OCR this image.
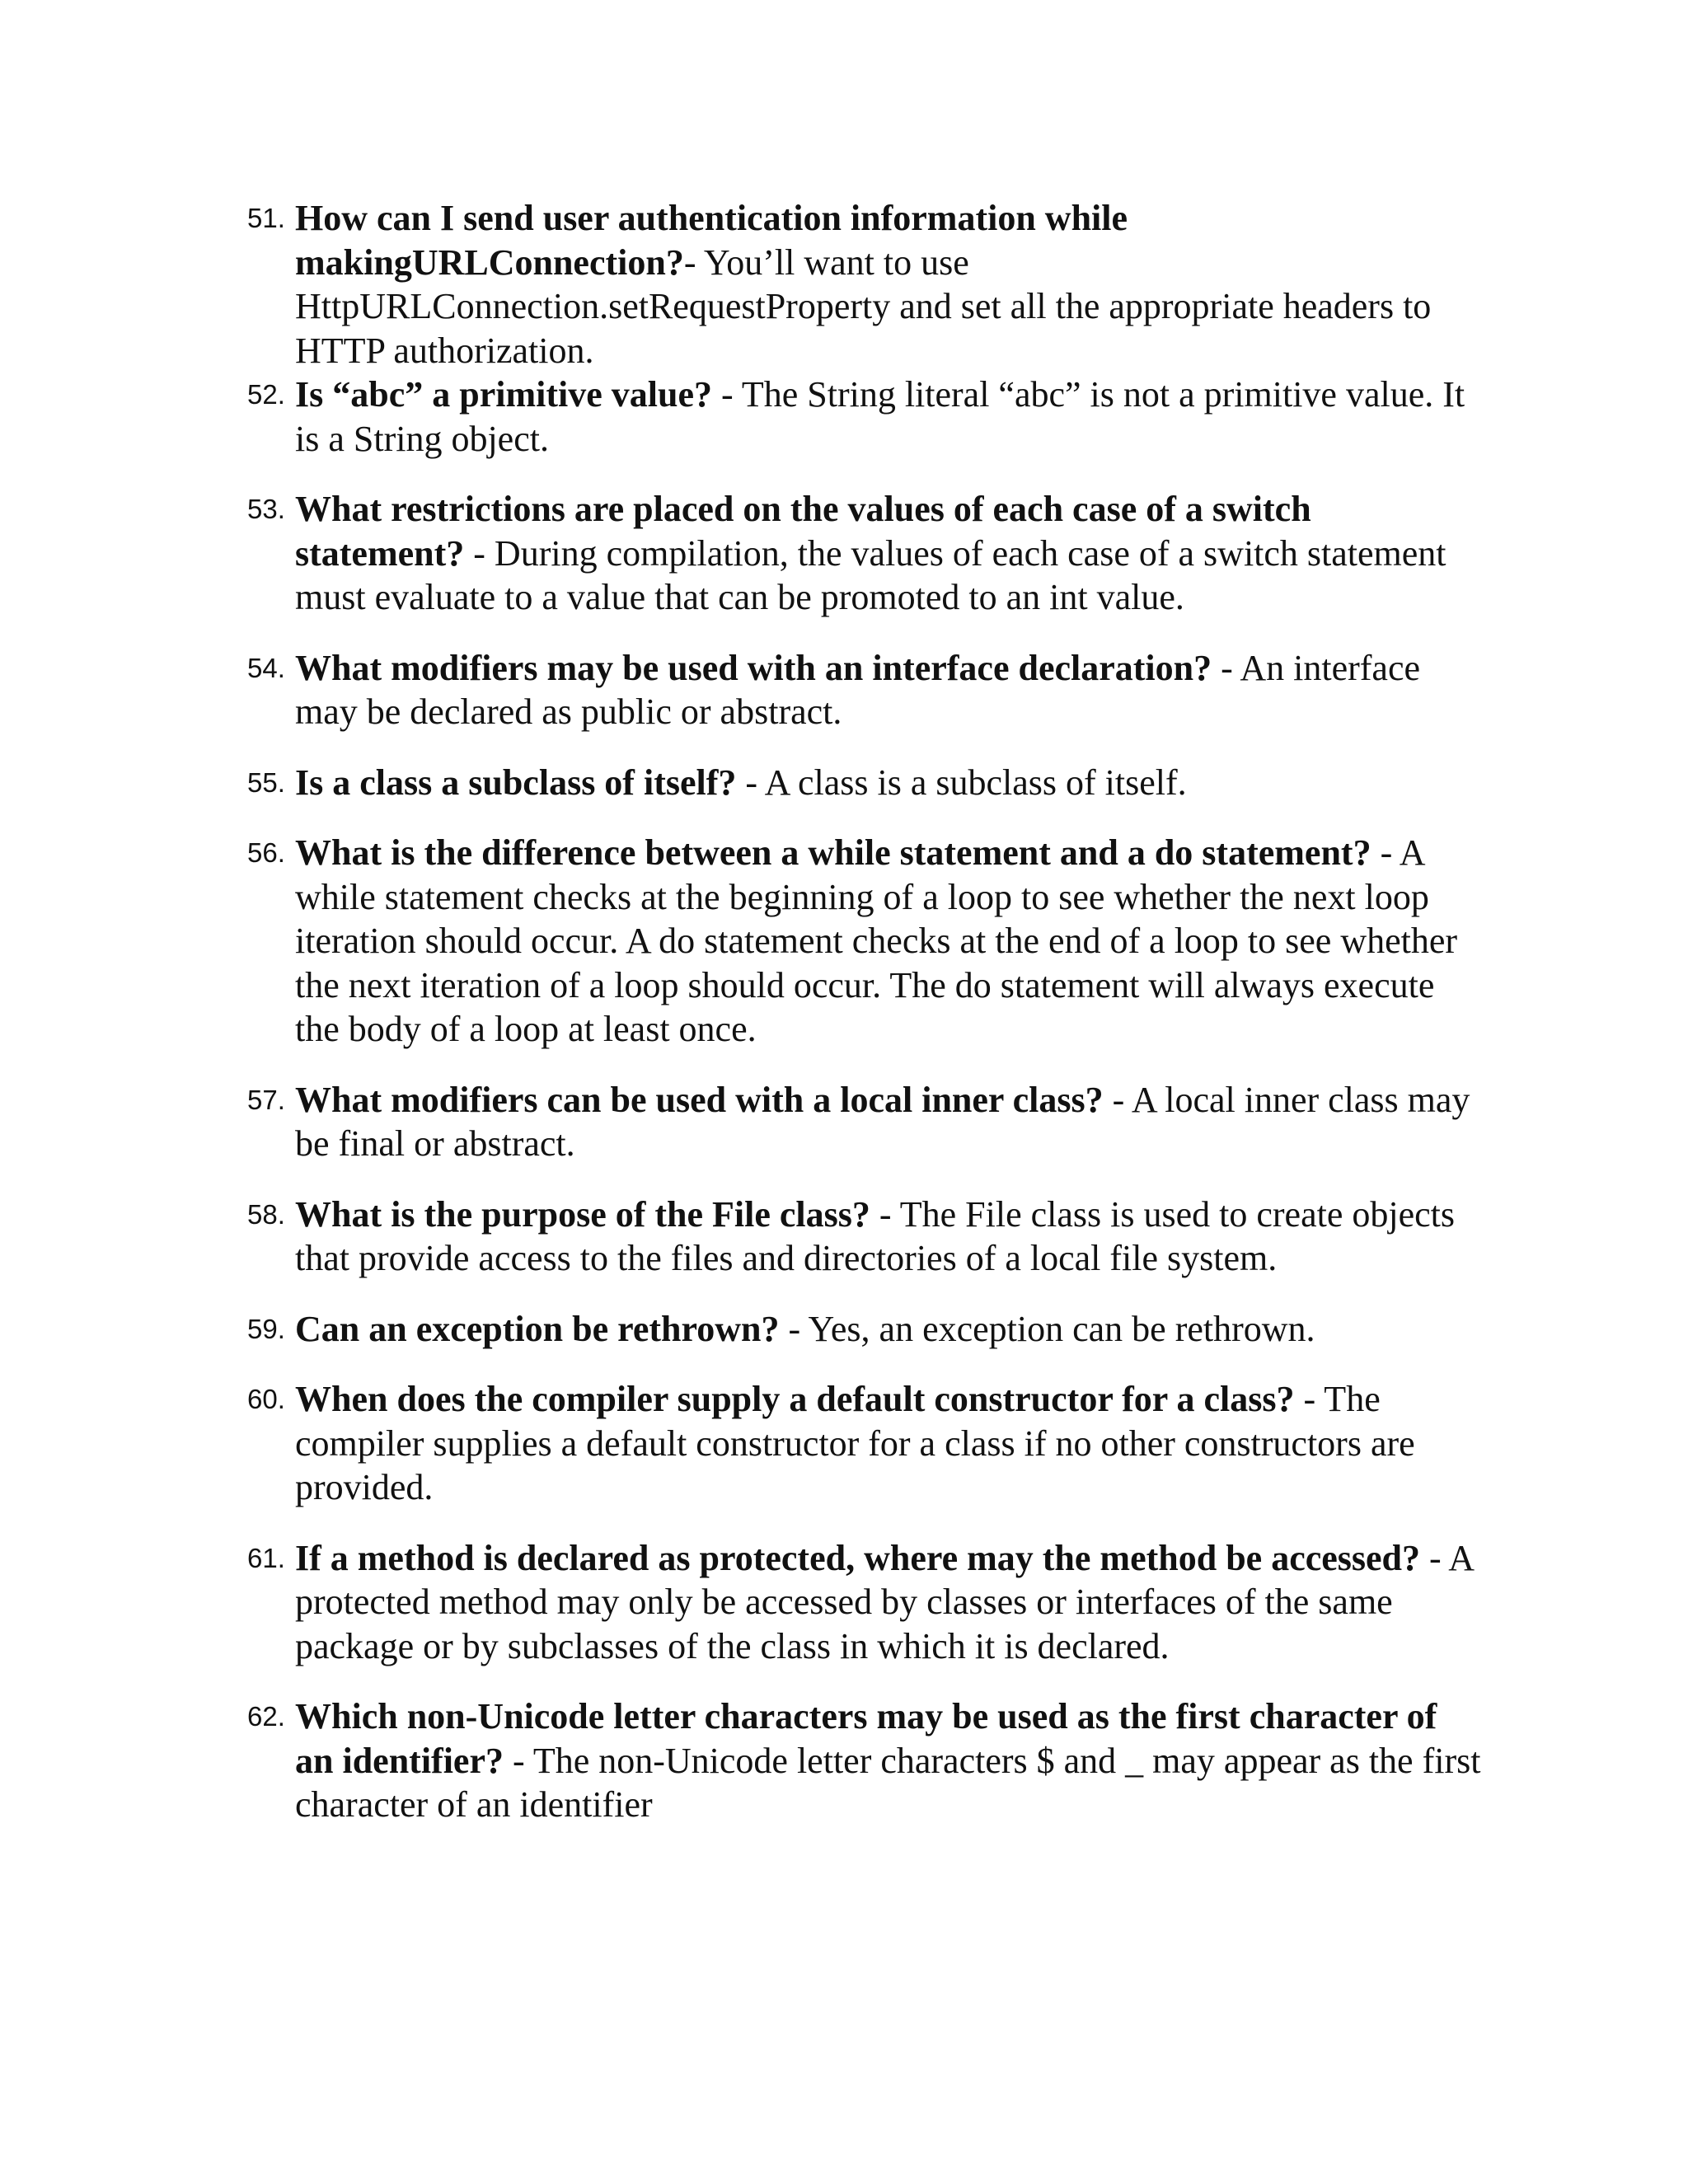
51. How can I send user authentication information while makingURLConnection?- You’ll want to use HttpURLConnection.setRequestProperty and set all the appropriate headers to HTTP authorization.
52. Is “abc” a primitive value? - The String literal “abc” is not a primitive value. It is a String object.
53. What restrictions are placed on the values of each case of a switch statement? - During compilation, the values of each case of a switch statement must evaluate to a value that can be promoted to an int value.
54. What modifiers may be used with an interface declaration? - An interface may be declared as public or abstract.
55. Is a class a subclass of itself? - A class is a subclass of itself.
56. What is the difference between a while statement and a do statement? - A while statement checks at the beginning of a loop to see whether the next loop iteration should occur. A do statement checks at the end of a loop to see whether the next iteration of a loop should occur. The do statement will always execute the body of a loop at least once.
57. What modifiers can be used with a local inner class? - A local inner class may be final or abstract.
58. What is the purpose of the File class? - The File class is used to create objects that provide access to the files and directories of a local file system.
59. Can an exception be rethrown? - Yes, an exception can be rethrown.
60. When does the compiler supply a default constructor for a class? - The compiler supplies a default constructor for a class if no other constructors are provided.
61. If a method is declared as protected, where may the method be accessed? - A protected method may only be accessed by classes or interfaces of the same package or by subclasses of the class in which it is declared.
62. Which non-Unicode letter characters may be used as the first character of an identifier? - The non-Unicode letter characters $ and _ may appear as the first character of an identifier
